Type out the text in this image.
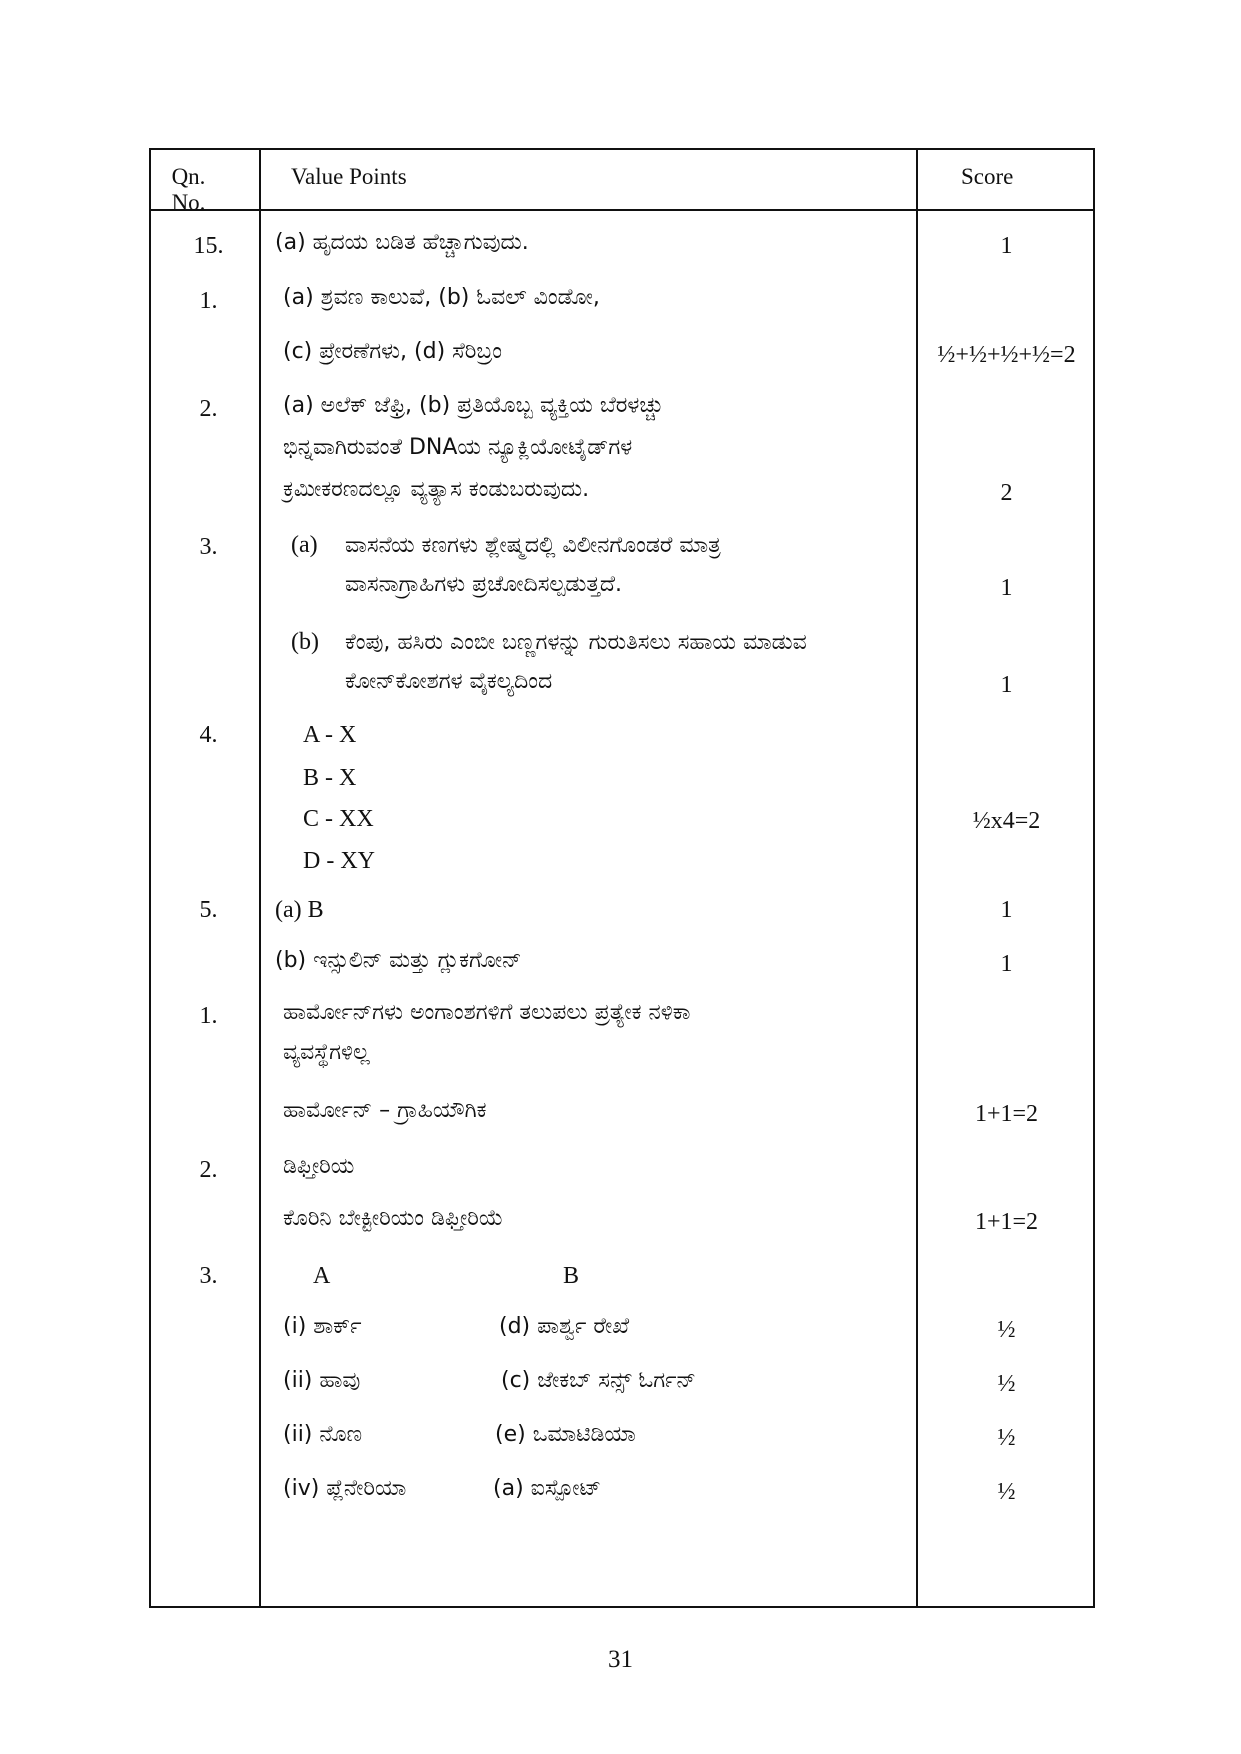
Qn. No.
Value Points	Score
15.	(a) ಹೃದಯ ಬಡಿತ ಹೆಚ್ಚಾಗುವುದು.	1
1.	(a) ಶ್ರವಣ ಕಾಲುವೆ, (b) ಓವಲ್ ವಿಂಡೋ,
(c) ಪ್ರೇರಣೆಗಳು, (d) ಸೆರಿಬ್ರಂ	½+½+½+½=2
2.	(a) ಅಲೆಕ್ ಜೆಫ್ರಿ, (b) ಪ್ರತಿಯೊಬ್ಬ ವ್ಯಕ್ತಿಯ ಬೆರಳಚ್ಚು
ಭಿನ್ನವಾಗಿರುವಂತೆ DNAಯ ನ್ಯೂಕ್ಲಿಯೋಟೈಡ್‌ಗಳ
ಕ್ರಮೀಕರಣದಲ್ಲೂ ವ್ಯತ್ಯಾಸ ಕಂಡುಬರುವುದು.	2
3.	(a) ವಾಸನೆಯ ಕಣಗಳು ಶ್ಲೇಷ್ಮದಲ್ಲಿ ವಿಲೀನಗೊಂಡರೆ ಮಾತ್ರ
ವಾಸನಾಗ್ರಾಹಿಗಳು ಪ್ರಚೋದಿಸಲ್ಪಡುತ್ತದೆ.	1
(b) ಕೆಂಪು, ಹಸಿರು ಎಂಬೀ ಬಣ್ಣಗಳನ್ನು ಗುರುತಿಸಲು ಸಹಾಯ ಮಾಡುವ
ಕೋನ್‌ಕೋಶಗಳ ವೈಕಲ್ಯದಿಂದ	1
4.	A - X
B - X
C - XX
D - XY
½x4=2
5.	(a) B	1
(b) ಇನ್ಸುಲಿನ್ ಮತ್ತು ಗ್ಲುಕಗೋನ್	1
1.	ಹಾರ್ಮೋನ್‌ಗಳು ಅಂಗಾಂಶಗಳಿಗೆ ತಲುಪಲು ಪ್ರತ್ಯೇಕ ನಳಿಕಾ
ವ್ಯವಸ್ಥೆಗಳಿಲ್ಲ
ಹಾರ್ಮೋನ್ – ಗ್ರಾಹಿಯೌಗಿಕ	1+1=2
2.	ಡಿಫ್ತೀರಿಯ
ಕೊರಿನಿ ಬೇಕ್ಟೀರಿಯಂ ಡಿಫ್ತೀರಿಯೆ	1+1=2
3.	A	B
(i) ಶಾರ್ಕ್	(d) ಪಾರ್ಶ್ವ ರೇಖೆ	½
(ii) ಹಾವು	(c) ಜೇಕಬ್ ಸನ್ಸ್ ಓರ್ಗನ್	½
(ii) ನೊಣ	(e) ಒಮಾಟಿಡಿಯಾ	½
(iv) ಪ್ಲೆನೇರಿಯಾ	(a) ಐಸ್ಪೋಟ್	½
31
